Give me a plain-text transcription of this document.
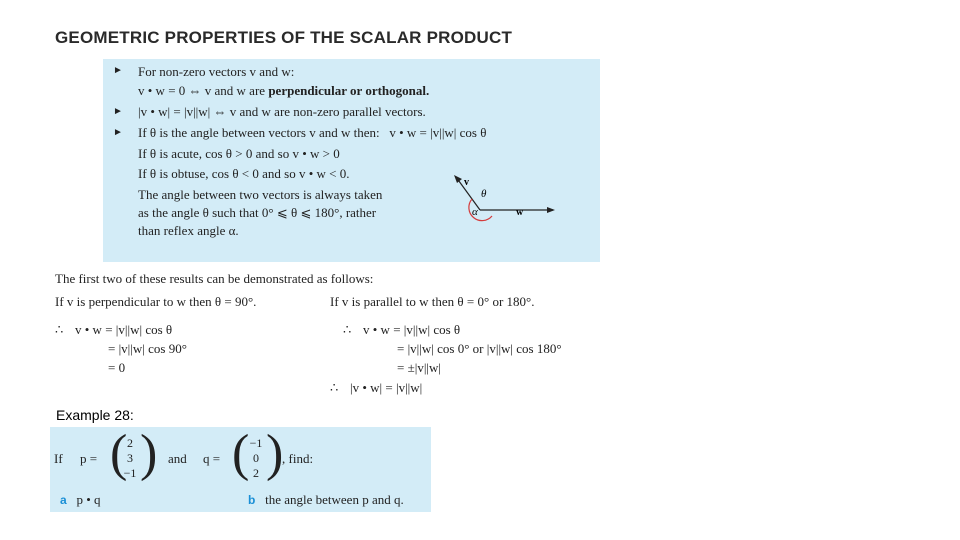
GEOMETRIC PROPERTIES OF THE SCALAR PRODUCT
► For non-zero vectors v and w:
v • w = 0 ⇔ v and w are perpendicular or orthogonal.
► |v • w| = |v||w| ⇔ v and w are non-zero parallel vectors.
► If θ is the angle between vectors v and w then: v • w = |v||w| cos θ
If θ is acute, cos θ > 0 and so v • w > 0
If θ is obtuse, cos θ < 0 and so v • w < 0.
The angle between two vectors is always taken
as the angle θ such that 0° ⩽ θ ⩽ 180°, rather
than reflex angle α.
v
θ
α	w
The first two of these results can be demonstrated as follows:
If v is perpendicular to w then θ = 90°.	If v is parallel to w then θ = 0° or 180°.
∴ v • w = |v||w| cos θ
= |v||w| cos 90°
= 0
∴ v • w = |v||w| cos θ
= |v||w| cos 0° or |v||w| cos 180°
= ±|v||w|
∴ |v • w| = |v||w|
Example 28:
If p = ( 2
3
−1 ) and q = ( −1
0
2 )
, find:
a p • q	b the angle between p and q.
